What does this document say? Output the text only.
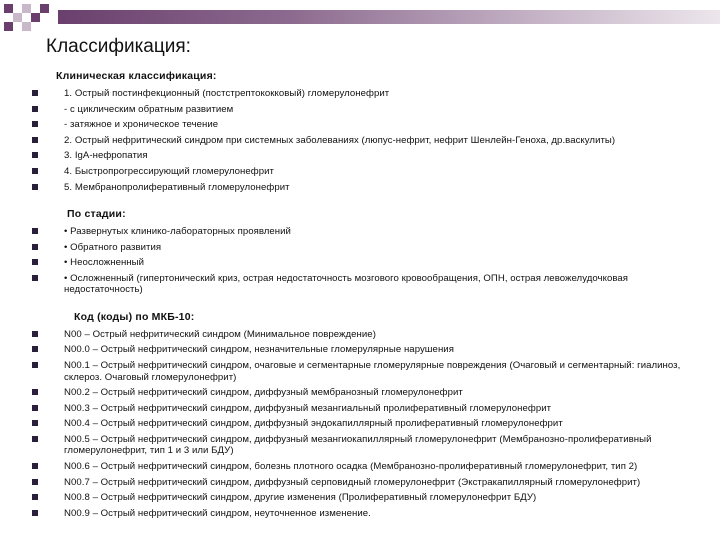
Классификация:
Клиническая классификация:
1. Острый постинфекционный (постстрептококковый) гломерулонефрит
- с циклическим обратным развитием
- затяжное и хроническое течение
2. Острый нефритический синдром при системных заболеваниях (люпус-нефрит, нефрит Шенлейн-Геноха, др.васкулиты)
3. IgA-нефропатия
4. Быстропрогрессирующий гломерулонефрит
5. Мембранопролиферативный гломерулонефрит
По стадии:
• Развернутых клинико-лабораторных проявлений
• Обратного развития
• Неосложненный
• Осложненный (гипертонический криз, острая недостаточность мозгового кровообращения, ОПН, острая левожелудочковая недостаточность)
Код (коды) по МКБ-10:
N00 – Острый нефритический синдром (Минимальное повреждение)
N00.0 – Острый нефритический синдром, незначительные гломерулярные нарушения
N00.1 – Острый нефритический синдром, очаговые и сегментарные гломерулярные повреждения (Очаговый и сегментарный: гиалиноз, склероз. Очаговый гломерулонефрит)
N00.2 – Острый нефритический синдром, диффузный мембранозный гломерулонефрит
N00.3 – Острый нефритический синдром, диффузный мезангиальный пролиферативный гломерулонефрит
N00.4 – Острый нефритический синдром, диффузный эндокапиллярный пролиферативный гломерулонефрит
N00.5 – Острый нефритический синдром, диффузный мезангиокапиллярный гломерулонефрит (Мембранозно-пролиферативный гломерулонефрит, тип 1 и 3 или БДУ)
N00.6 – Острый нефритический синдром, болезнь плотного осадка (Мембранозно-пролиферативный гломерулонефрит, тип 2)
N00.7 – Острый нефритический синдром, диффузный серповидный гломерулонефрит (Экстракапиллярный гломерулонефрит)
N00.8 – Острый нефритический синдром, другие изменения (Пролиферативный гломерулонефрит БДУ)
N00.9 – Острый нефритический синдром, неуточненное изменение.
